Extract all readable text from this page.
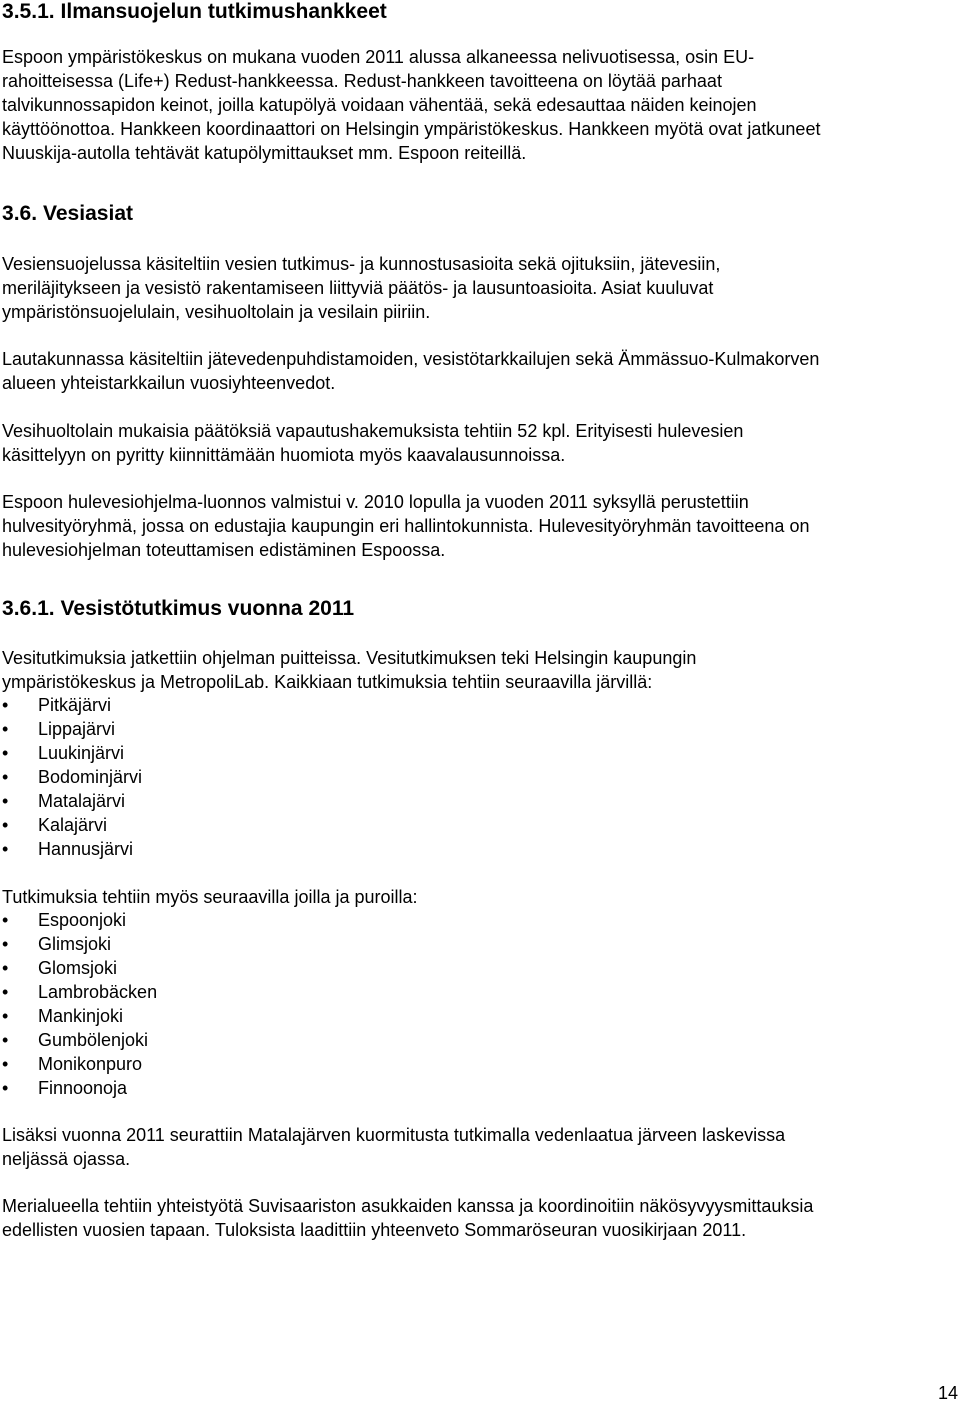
3.5.1. Ilmansuojelun tutkimushankkeet
Espoon ympäristökeskus on mukana vuoden 2011 alussa alkaneessa nelivuotisessa, osin EU-
rahoitteisessa (Life+) Redust-hankkeessa. Redust-hankkeen tavoitteena on löytää parhaat
talvikunnossapidon keinot, joilla katupölyä voidaan vähentää, sekä edesauttaa näiden keinojen
käyttöönottoa. Hankkeen koordinaattori on Helsingin ympäristökeskus. Hankkeen myötä ovat jatkuneet
Nuuskija-autolla tehtävät katupölymittaukset mm. Espoon reiteillä.
3.6. Vesiasiat
Vesiensuojelussa käsiteltiin vesien tutkimus- ja kunnostusasioita sekä ojituksiin, jätevesiin,
meriläjitykseen ja vesistö rakentamiseen liittyviä päätös- ja lausuntoasioita. Asiat kuuluvat
ympäristönsuojelulain, vesihuoltolain ja vesilain piiriin.
Lautakunnassa käsiteltiin jätevedenpuhdistamoiden, vesistötarkkailujen sekä Ämmässuo-Kulmakorven
alueen yhteistarkkailun vuosiyhteenvedot.
Vesihuoltolain mukaisia päätöksiä vapautushakemuksista tehtiin 52 kpl. Erityisesti hulevesien
käsittelyyn on pyritty kiinnittämään huomiota myös kaavalausunnoissa.
Espoon hulevesiohjelma-luonnos valmistui v. 2010 lopulla ja vuoden 2011 syksyllä perustettiin
hulvesityöryhmä, jossa on edustajia kaupungin eri hallintokunnista. Hulevesityöryhmän tavoitteena on
hulevesiohjelman toteuttamisen edistäminen Espoossa.
3.6.1. Vesistötutkimus vuonna 2011
Vesitutkimuksia jatkettiin ohjelman puitteissa. Vesitutkimuksen teki Helsingin kaupungin
ympäristökeskus ja MetropoliLab. Kaikkiaan tutkimuksia tehtiin seuraavilla järvillä:
• Pitkäjärvi
• Lippajärvi
• Luukinjärvi
• Bodominjärvi
• Matalajärvi
• Kalajärvi
• Hannusjärvi
Tutkimuksia tehtiin myös seuraavilla joilla ja puroilla:
• Espoonjoki
• Glimsjoki
• Glomsjoki
• Lambrobäcken
• Mankinjoki
• Gumbölenjoki
• Monikonpuro
• Finnoonoja
Lisäksi vuonna 2011 seurattiin Matalajärven kuormitusta tutkimalla vedenlaatua järveen laskevissa
neljässä ojassa.
Merialueella tehtiin yhteistyötä Suvisaariston asukkaiden kanssa ja koordinoitiin näkösyvyysmittauksia
edellisten vuosien tapaan. Tuloksista laadittiin yhteenveto Sommaröseuran vuosikirjaan 2011.
14
